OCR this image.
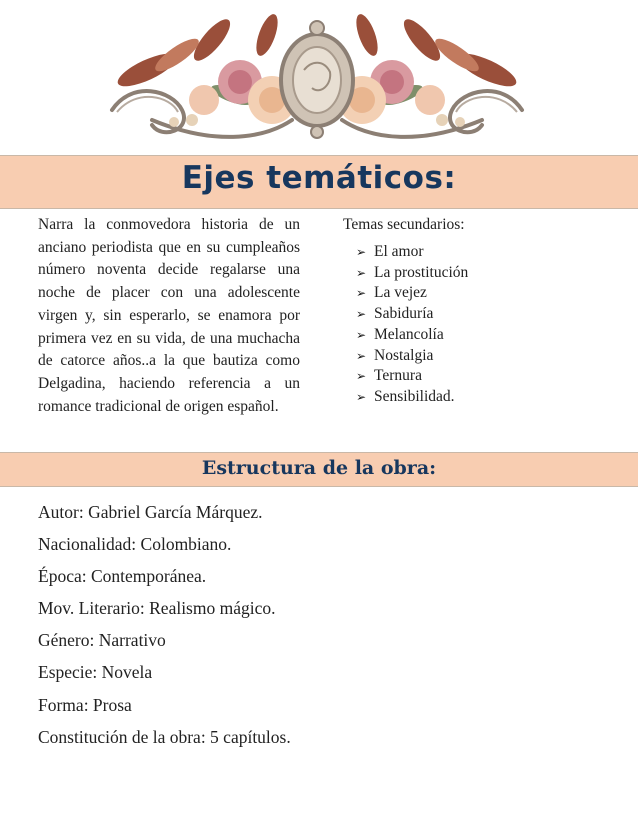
Ejes temáticos:
Narra la conmovedora historia de un anciano periodista que en su cumpleaños número noventa decide regalarse una noche de placer con una adolescente virgen y, sin esperarlo, se enamora por primera vez en su vida, de una muchacha de catorce años..a la que bautiza como Delgadina, haciendo referencia a un romance tradicional de origen español.
Temas secundarios:
➢ El amor
➢ La prostitución
➢ La vejez
➢ Sabiduría
➢ Melancolía
➢ Nostalgia
➢ Ternura
➢ Sensibilidad.
Estructura de la obra:
Autor: Gabriel García Márquez.
Nacionalidad: Colombiano.
Época: Contemporánea.
Mov. Literario: Realismo mágico.
Género: Narrativo
Especie: Novela
Forma: Prosa
Constitución de la obra: 5 capítulos.
